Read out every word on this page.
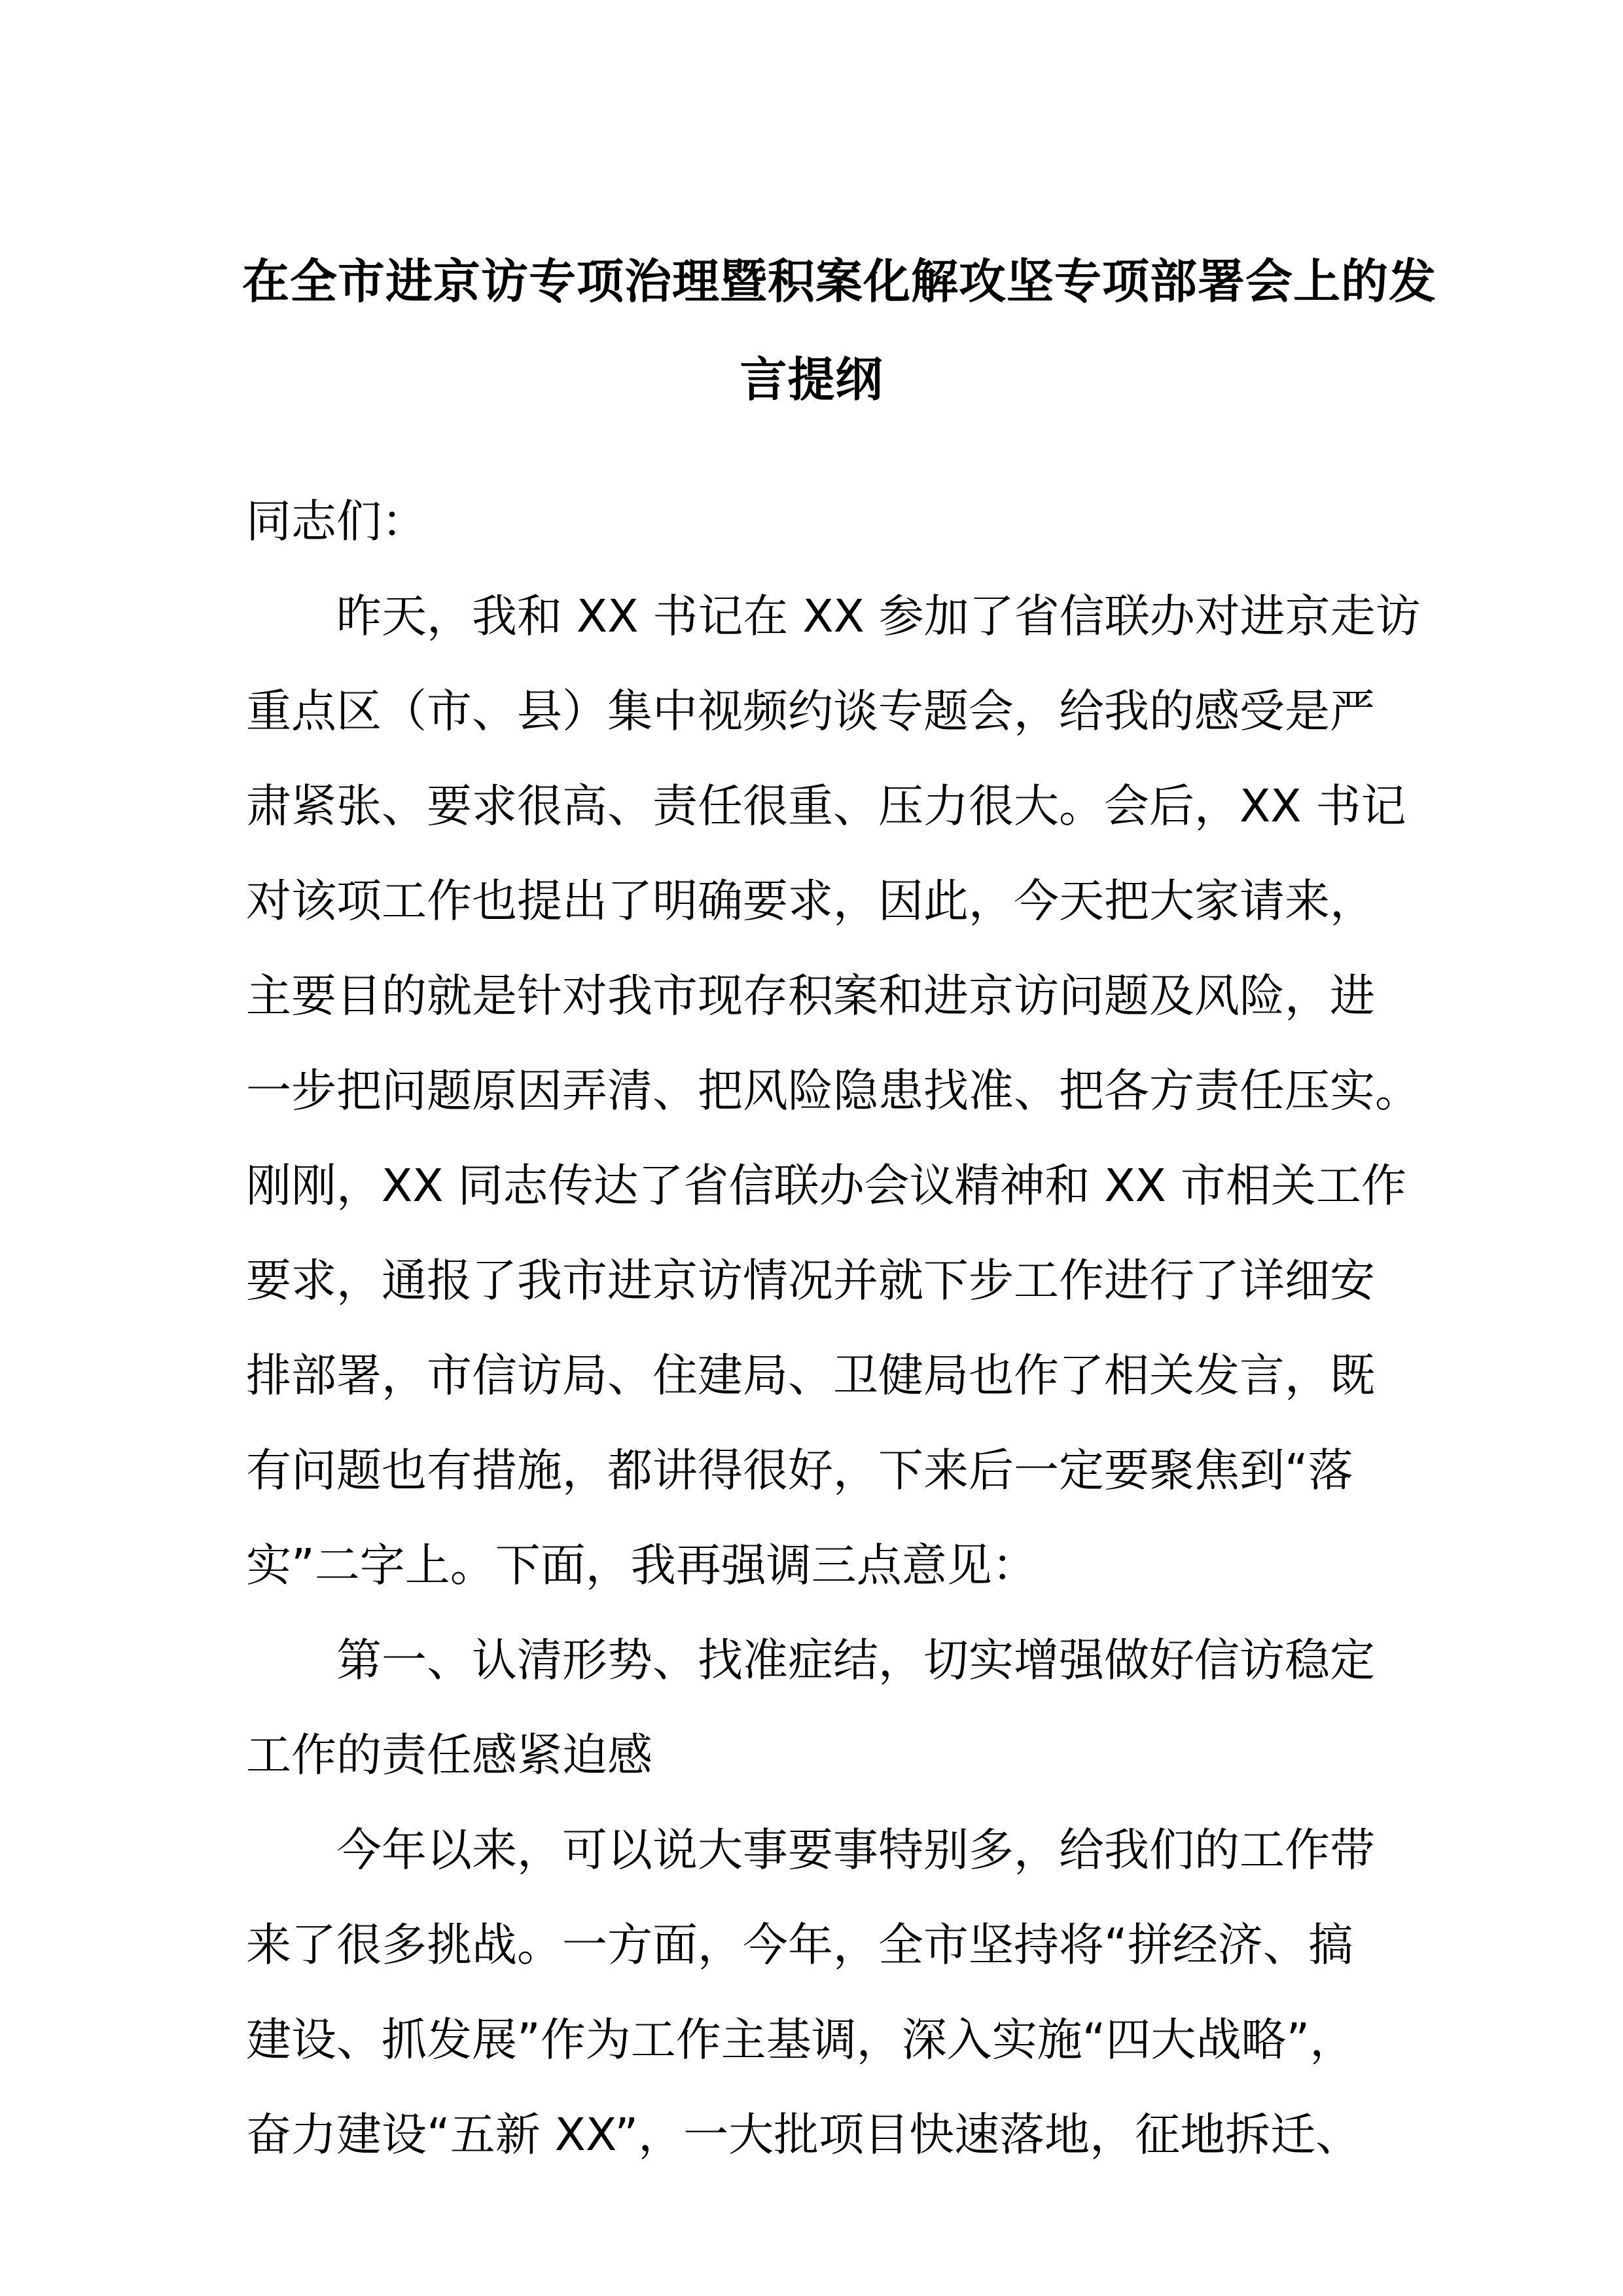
在全市进京访专项治理暨积案化解攻坚专项部署会上的发
言提纲
同志们：
昨天，我和 XX 书记在 XX 参加了省信联办对进京走访
重点区（市、县）集中视频约谈专题会，给我的感受是严
肃紧张、要求很高、责任很重、压力很大。会后，XX 书记
对该项工作也提出了明确要求，因此，今天把大家请来，
主要目的就是针对我市现存积案和进京访问题及风险，进
一步把问题原因弄清、把风险隐患找准、把各方责任压实。
刚刚，XX 同志传达了省信联办会议精神和 XX 市相关工作
要求，通报了我市进京访情况并就下步工作进行了详细安
排部署，市信访局、住建局、卫健局也作了相关发言，既
有问题也有措施，都讲得很好，下来后一定要聚焦到“落
实”二字上。下面，我再强调三点意见：
第一、认清形势、找准症结，切实增强做好信访稳定
工作的责任感紧迫感
今年以来，可以说大事要事特别多，给我们的工作带
来了很多挑战。一方面，今年，全市坚持将“拼经济、搞
建设、抓发展”作为工作主基调，深入实施“四大战略”，
奋力建设“五新 XX”，一大批项目快速落地，征地拆迁、
